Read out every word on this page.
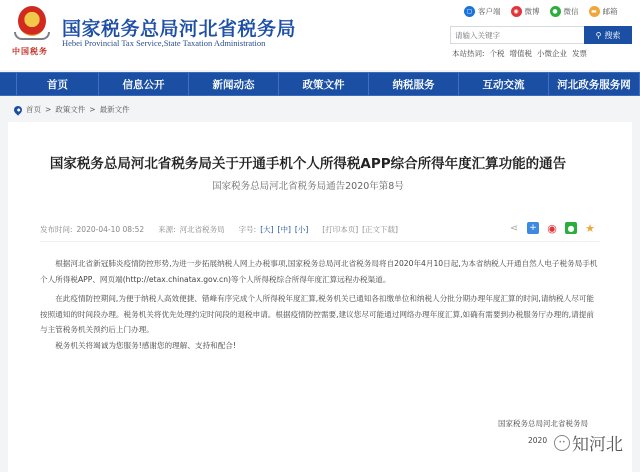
中国税务
国家税务总局河北省税务局
Hebei Provincial Tax Service,State Taxation Administration
▢ 客户端	◉ 微博	● 微信	▬ 邮箱
请输入关键字
⚲ 搜索
本站热词: 个税 增值税 小微企业 发票
首页	信息公开	新闻动态	政策文件	纳税服务	互动交流	河北政务服务网
首页 > 政策文件 > 最新文件
国家税务总局河北省税务局关于开通手机个人所得税APP综合所得年度汇算功能的通告
国家税务总局河北省税务局通告2020年第8号
发布时间: 2020-04-10 08:52 来源: 河北省税务局 字号: [大] [中] [小] [打印本页] [正文下载]	⋖ + ◉	● ★

根据河北省新冠肺炎疫情防控形势,为进一步拓展纳税人网上办税事项,国家税务总局河北省税务局将自2020年4月10日起,为本省纳税人开通自然人电子税务局手机个人所得税APP、网页端(http://etax.chinatax.gov.cn)等个人所得税综合所得年度汇算远程办税渠道。

在此疫情防控期间,为便于纳税人高效便捷、错峰有序完成个人所得税年度汇算,税务机关已通知各扣缴单位和纳税人分批分期办理年度汇算的时间,请纳税人尽可能按照通知的时间段办理。税务机关将优先处理约定时间段的退税申请。根据疫情防控需要,建议您尽可能通过网络办理年度汇算,如确有需要到办税服务厅办理的,请提前与主管税务机关预约后上门办理。

税务机关将竭诚为您服务!感谢您的理解、支持和配合!

国家税务总局河北省税务局
2020	•• 知河北
